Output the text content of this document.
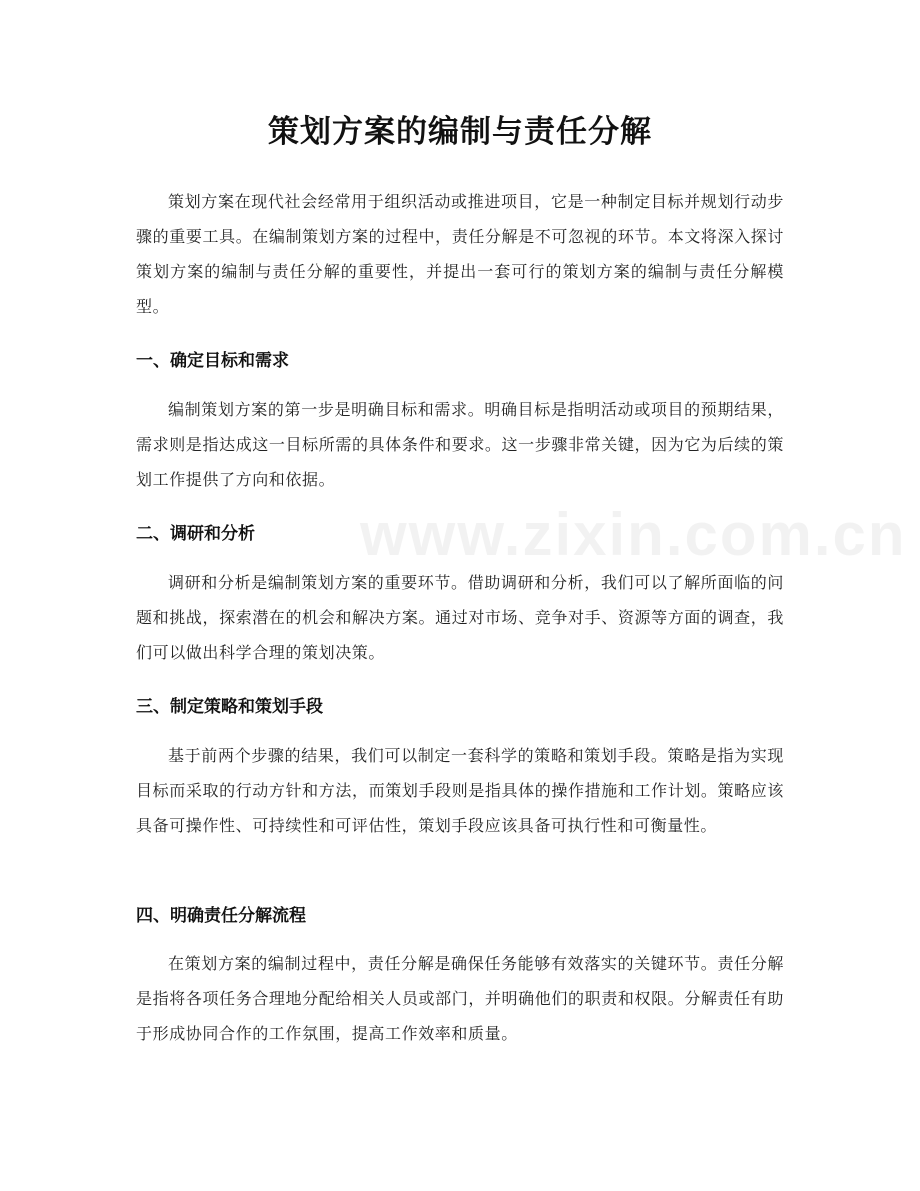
www.zixin.com.cn
策划方案的编制与责任分解
策划方案在现代社会经常用于组织活动或推进项目，它是一种制定目标并规划行动步骤的重要工具。在编制策划方案的过程中，责任分解是不可忽视的环节。本文将深入探讨策划方案的编制与责任分解的重要性，并提出一套可行的策划方案的编制与责任分解模型。
一、确定目标和需求
编制策划方案的第一步是明确目标和需求。明确目标是指明活动或项目的预期结果，需求则是指达成这一目标所需的具体条件和要求。这一步骤非常关键，因为它为后续的策划工作提供了方向和依据。
二、调研和分析
调研和分析是编制策划方案的重要环节。借助调研和分析，我们可以了解所面临的问题和挑战，探索潜在的机会和解决方案。通过对市场、竞争对手、资源等方面的调查，我们可以做出科学合理的策划决策。
三、制定策略和策划手段
基于前两个步骤的结果，我们可以制定一套科学的策略和策划手段。策略是指为实现目标而采取的行动方针和方法，而策划手段则是指具体的操作措施和工作计划。策略应该具备可操作性、可持续性和可评估性，策划手段应该具备可执行性和可衡量性。
四、明确责任分解流程
在策划方案的编制过程中，责任分解是确保任务能够有效落实的关键环节。责任分解是指将各项任务合理地分配给相关人员或部门，并明确他们的职责和权限。分解责任有助于形成协同合作的工作氛围，提高工作效率和质量。
